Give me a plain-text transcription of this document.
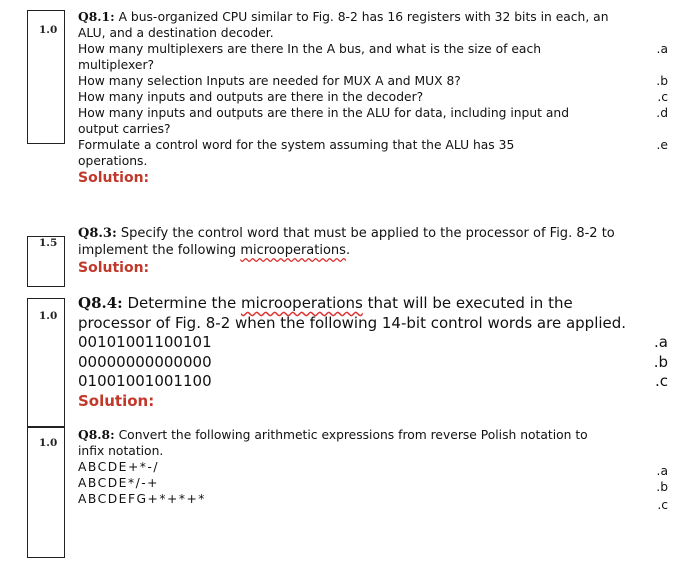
1.0
1.5
1.0
1.0
Q8.1: A bus-organized CPU similar to Fig. 8-2 has 16 registers with 32 bits in each, an
ALU, and a destination decoder.
How many multiplexers are there In the A bus, and what is the size of each	.a
multiplexer?
How many selection Inputs are needed for MUX A and MUX 8?	.b
How many inputs and outputs are there in the decoder?	.c
How many inputs and outputs are there in the ALU for data, including input and	.d
output carries?
Formulate a control word for the system assuming that the ALU has 35	.e
operations.
Solution:
Q8.3: Specify the control word that must be applied to the processor of Fig. 8-2 to
implement the following microoperations.
Solution:
Q8.4: Determine the microoperations that will be executed in the
processor of Fig. 8-2 when the following 14-bit control words are applied.
00101001100101	.a
00000000000000	.b
01001001001100	.c
Solution:
Q8.8: Convert the following arithmetic expressions from reverse Polish notation to
infix notation.
ABCDE+*-/	.a
ABCDE*/-+	.b
ABCDEFG+*+*+*	.c
